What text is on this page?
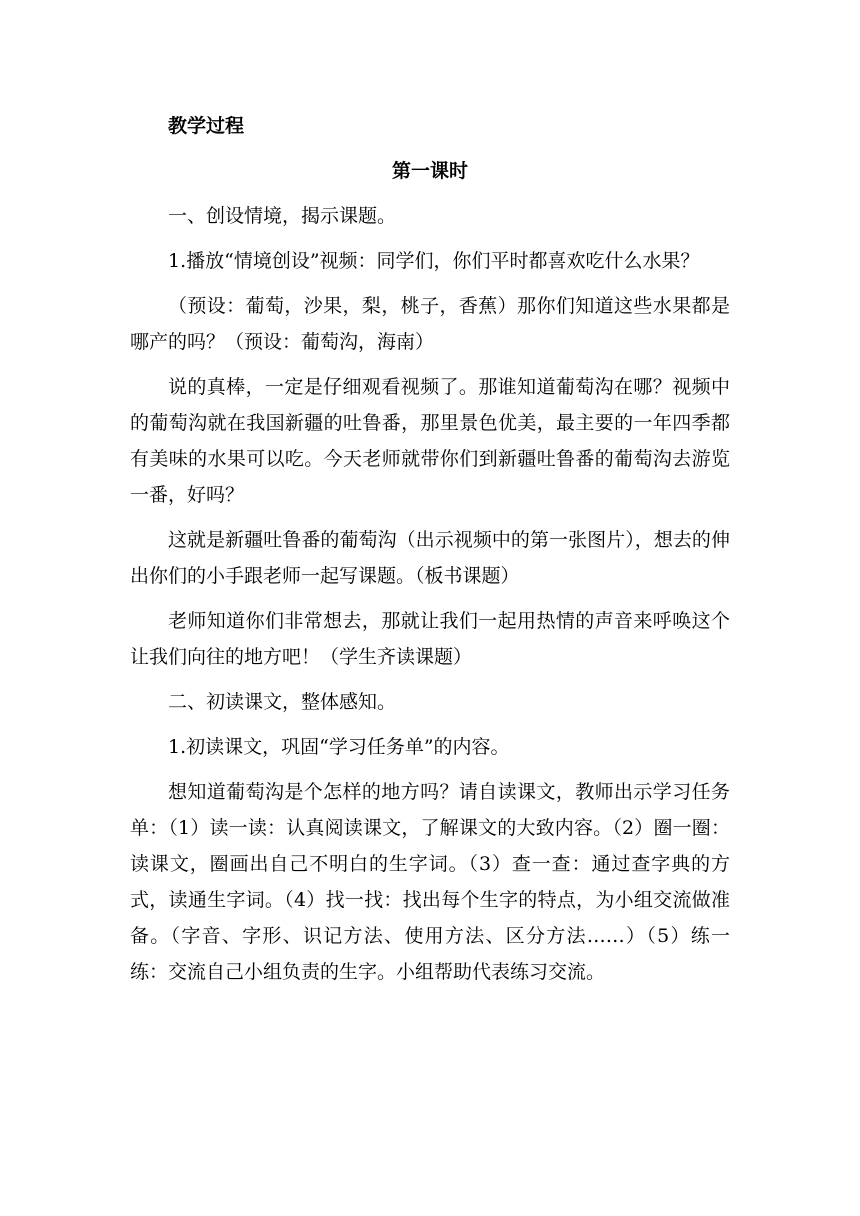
教学过程
第一课时

一、创设情境，揭示课题。

1.播放“情境创设”视频：同学们，你们平时都喜欢吃什么水果？

（预设：葡萄，沙果，梨，桃子，香蕉）那你们知道这些水果都是哪产的吗？（预设：葡萄沟，海南）

说的真棒，一定是仔细观看视频了。那谁知道葡萄沟在哪？视频中的葡萄沟就在我国新疆的吐鲁番，那里景色优美，最主要的一年四季都有美味的水果可以吃。今天老师就带你们到新疆吐鲁番的葡萄沟去游览一番，好吗？

这就是新疆吐鲁番的葡萄沟（出示视频中的第一张图片），想去的伸出你们的小手跟老师一起写课题。（板书课题）

老师知道你们非常想去，那就让我们一起用热情的声音来呼唤这个让我们向往的地方吧！（学生齐读课题）

二、初读课文，整体感知。

1.初读课文，巩固“学习任务单”的内容。

想知道葡萄沟是个怎样的地方吗？请自读课文，教师出示学习任务单：（1）读一读：认真阅读课文，了解课文的大致内容。（2）圈一圈：读课文，圈画出自己不明白的生字词。（3）查一查：通过查字典的方式，读通生字词。（4）找一找：找出每个生字的特点，为小组交流做准备。（字音、字形、识记方法、使用方法、区分方法……）（5）练一练：交流自己小组负责的生字。小组帮助代表练习交流。
